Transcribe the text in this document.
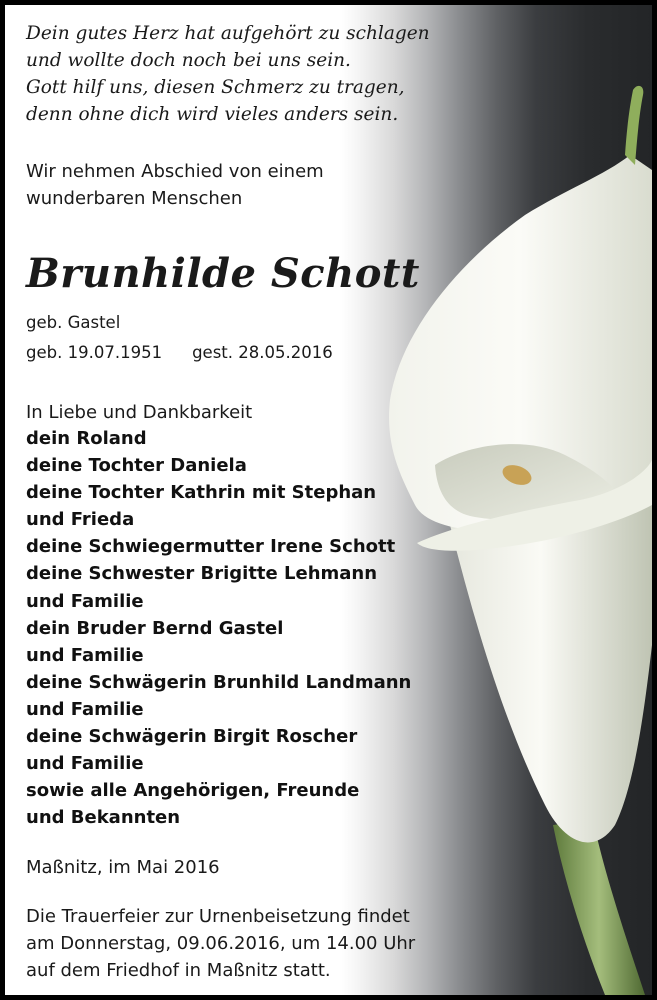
Dein gutes Herz hat aufgehört zu schlagen
und wollte doch noch bei uns sein.
Gott hilf uns, diesen Schmerz zu tragen,
denn ohne dich wird vieles anders sein.
Wir nehmen Abschied von einem
wunderbaren Menschen
Brunhilde Schott
geb. Gastel
geb. 19.07.1951 gest. 28.05.2016
In Liebe und Dankbarkeit
dein Roland
deine Tochter Daniela
deine Tochter Kathrin mit Stephan
und Frieda
deine Schwiegermutter Irene Schott
deine Schwester Brigitte Lehmann
und Familie
dein Bruder Bernd Gastel
und Familie
deine Schwägerin Brunhild Landmann
und Familie
deine Schwägerin Birgit Roscher
und Familie
sowie alle Angehörigen, Freunde
und Bekannten
Maßnitz, im Mai 2016
Die Trauerfeier zur Urnenbeisetzung findet
am Donnerstag, 09.06.2016, um 14.00 Uhr
auf dem Friedhof in Maßnitz statt.
